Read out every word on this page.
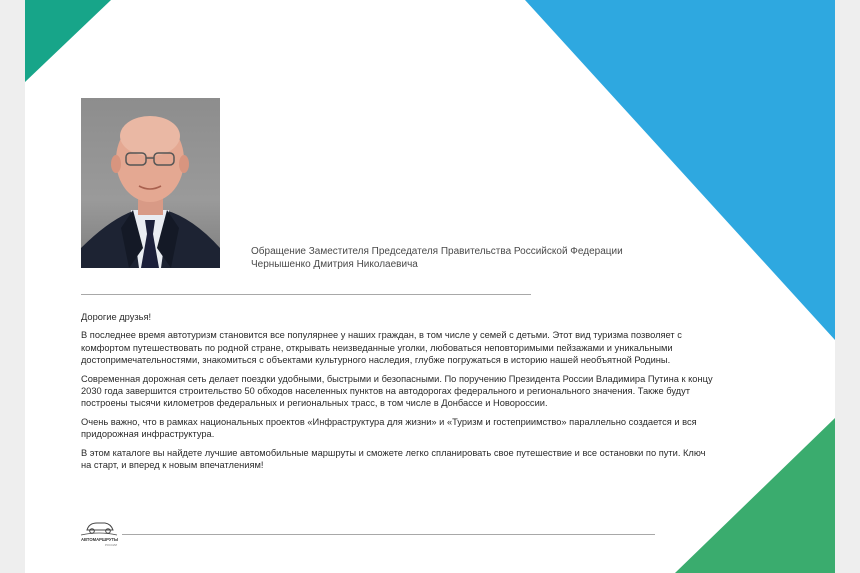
Обращение Заместителя Председателя Правительства Российской Федерации
Чернышенко Дмитрия Николаевича

Дорогие друзья!

В последнее время автотуризм становится все популярнее у наших граждан, в том числе у семей с детьми. Этот вид туризма позволяет с комфортом путешествовать по родной стране, открывать неизведанные уголки, любоваться неповторимыми пейзажами и уникальными достопримечательностями, знакомиться с объектами культурного наследия, глубже погружаться в историю нашей необъятной Родины.

Современная дорожная сеть делает поездки удобными, быстрыми и безопасными. По поручению Президента России Владимира Путина к концу 2030 года завершится строительство 50 обходов населенных пунктов на автодорогах федерального и регионального значения. Также будут построены тысячи километров федеральных и региональных трасс, в том числе в Донбассе и Новороссии.

Очень важно, что в рамках национальных проектов «Инфраструктура для жизни» и «Туризм и гостеприимство» параллельно создается и вся придорожная инфраструктура.

В этом каталоге вы найдете лучшие автомобильные маршруты и сможете легко спланировать свое путешествие и все остановки по пути. Ключ на старт, и вперед к новым впечатлениям!

АВТОМАРШРУТЫ
РОССИИ
